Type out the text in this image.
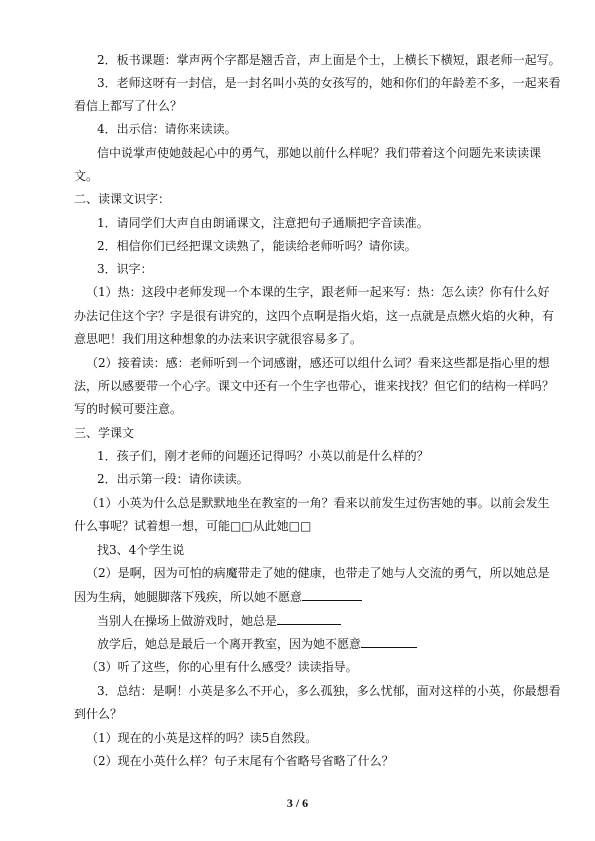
2．板书课题：掌声两个字都是翘舌音，声上面是个士，上横长下横短，跟老师一起写。
3．老师这呀有一封信，是一封名叫小英的女孩写的，她和你们的年龄差不多，一起来看
看信上都写了什么？
4．出示信：请你来读读。
信中说掌声使她鼓起心中的勇气，那她以前什么样呢？我们带着这个问题先来读读课
文。
二、读课文识字：
1．请同学们大声自由朗诵课文，注意把句子通顺把字音读准。
2．相信你们已经把课文读熟了，能读给老师听吗？请你读。
3．识字：
（1）热：这段中老师发现一个本课的生字，跟老师一起来写：热：怎么读？你有什么好
办法记住这个字？字是很有讲究的，这四个点啊是指火焰，这一点就是点燃火焰的火种，有
意思吧！我们用这种想象的办法来识字就很容易多了。
（2）接着读：感：老师听到一个词感谢，感还可以组什么词？看来这些都是指心里的想
法，所以感要带一个心字。课文中还有一个生字也带心，谁来找找？但它们的结构一样吗？
写的时候可要注意。
三、学课文
1．孩子们，刚才老师的问题还记得吗？小英以前是什么样的？
2．出示第一段：请你读读。
（1）小英为什么总是默默地坐在教室的一角？看来以前发生过伤害她的事。以前会发生
什么事呢？试着想一想，可能□□从此她□□
找3、4个学生说
（2）是啊，因为可怕的病魔带走了她的健康，也带走了她与人交流的勇气，所以她总是
因为生病，她腿脚落下残疾，所以她不愿意
当别人在操场上做游戏时，她总是
放学后，她总是最后一个离开教室，因为她不愿意
（3）听了这些，你的心里有什么感受？读读指导。
3．总结：是啊！小英是多么不开心，多么孤独，多么忧郁，面对这样的小英，你最想看
到什么？
（1）现在的小英是这样的吗？读5自然段。
（2）现在小英什么样？句子末尾有个省略号省略了什么？
3 / 6
